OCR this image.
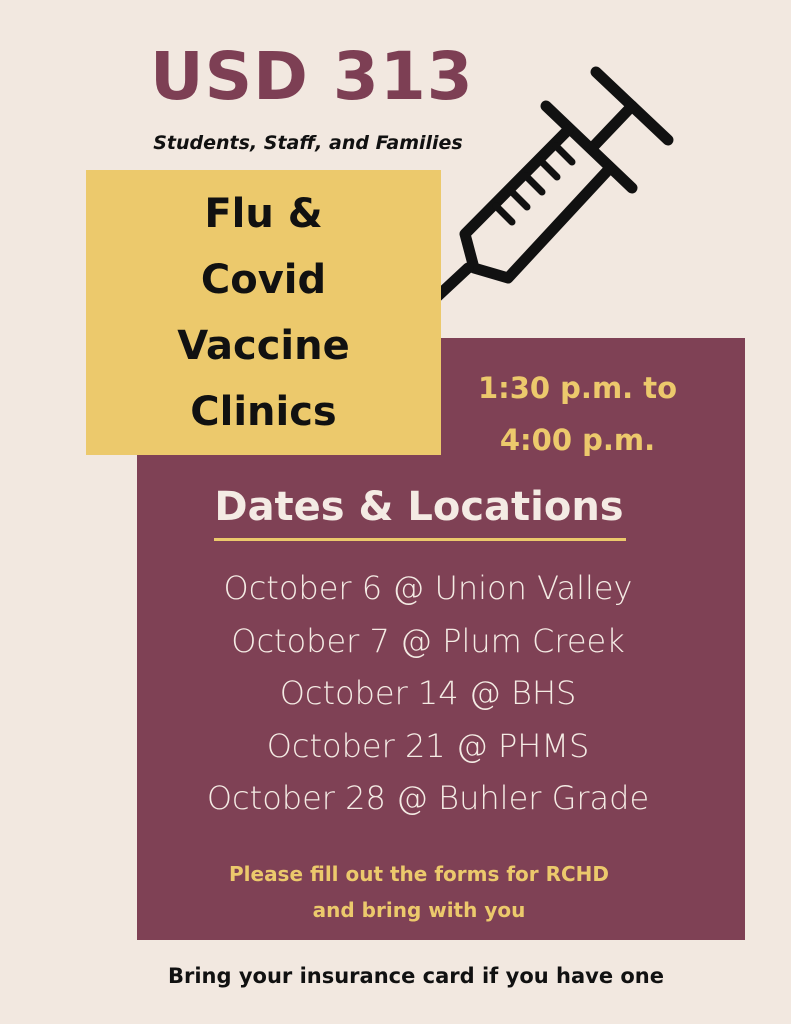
USD 313
Students, Staff, and Families
Flu &
Covid
Vaccine
Clinics
1:30 p.m. to
4:00 p.m.
Dates & Locations
October 6 @ Union Valley
October 7 @ Plum Creek
October 14 @ BHS
October 21 @ PHMS
October 28 @ Buhler Grade
Please fill out the forms for RCHD
and bring with you
Bring your insurance card if you have one
